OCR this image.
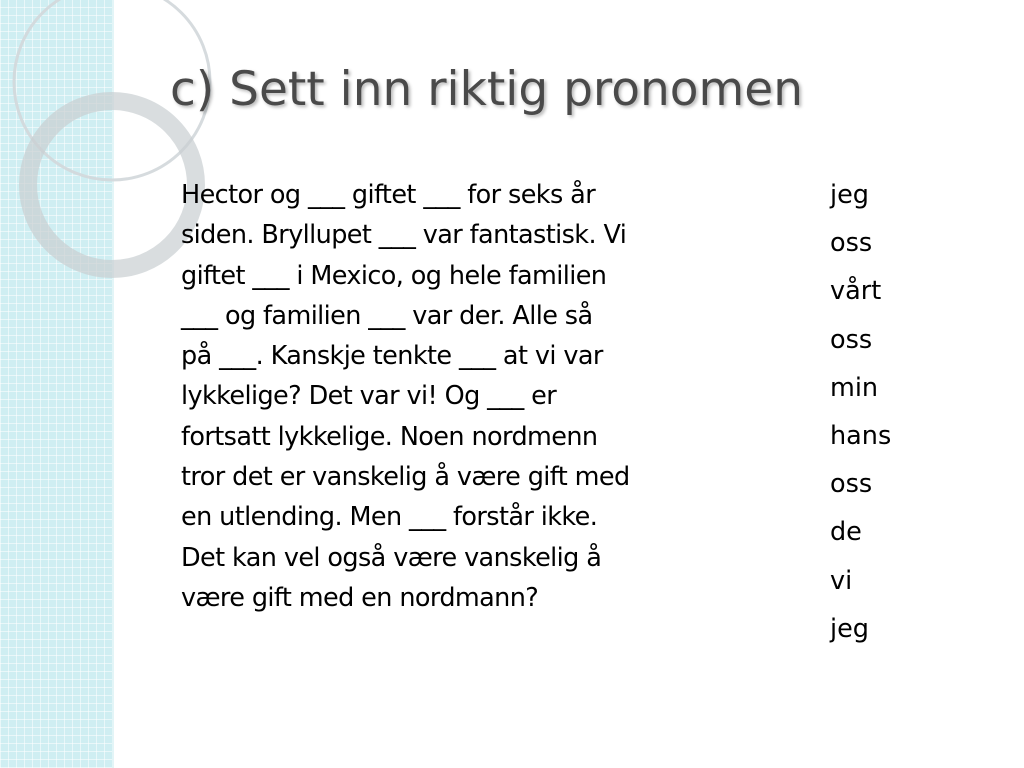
c) Sett inn riktig pronomen
Hector og ___ giftet ___ for seks år
siden. Bryllupet ___ var fantastisk. Vi
giftet ___ i Mexico, og hele familien
___ og familien ___ var der. Alle så
på ___. Kanskje tenkte ___ at vi var
lykkelige? Det var vi! Og ___ er
fortsatt lykkelige. Noen nordmenn
tror det er vanskelig å være gift med
en utlending. Men ___ forstår ikke.
Det kan vel også være vanskelig å
være gift med en nordmann?
jeg
oss
vårt
oss
min
hans
oss
de
vi
jeg
